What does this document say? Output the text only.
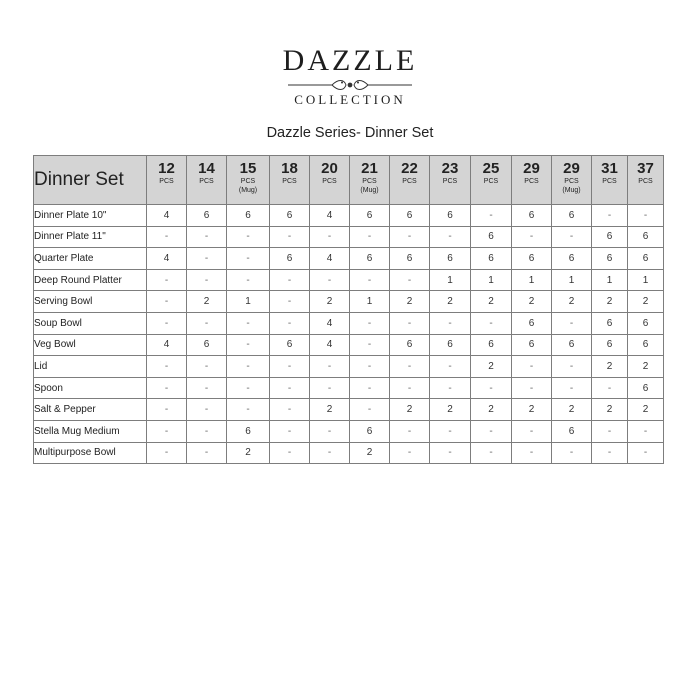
DAZZLE
COLLECTION
Dazzle Series- Dinner Set
Dinner Set	12
PCS	14
PCS	15
PCS
(Mug)	18
PCS	20
PCS	21
PCS
(Mug)	22
PCS	23
PCS	25
PCS	29
PCS	29
PCS
(Mug)	31
PCS	37
PCS

Dinner Plate 10"	4	6	6	6	4	6	6	6	-	6	6	-	-
Dinner Plate 11"	-	-	-	-	-	-	-	-	6	-	-	6	6
Quarter Plate	4	-	-	6	4	6	6	6	6	6	6	6	6
Deep Round Platter	-	-	-	-	-	-	-	1	1	1	1	1	1
Serving Bowl	-	2	1	-	2	1	2	2	2	2	2	2	2
Soup Bowl	-	-	-	-	4	-	-	-	-	6	-	6	6
Veg Bowl	4	6	-	6	4	-	6	6	6	6	6	6	6
Lid	-	-	-	-	-	-	-	-	2	-	-	2	2
Spoon	-	-	-	-	-	-	-	-	-	-	-	-	6
Salt & Pepper	-	-	-	-	2	-	2	2	2	2	2	2	2
Stella Mug Medium	-	-	6	-	-	6	-	-	-	-	6	-	-
Multipurpose Bowl	-	-	2	-	-	2	-	-	-	-	-	-	-
